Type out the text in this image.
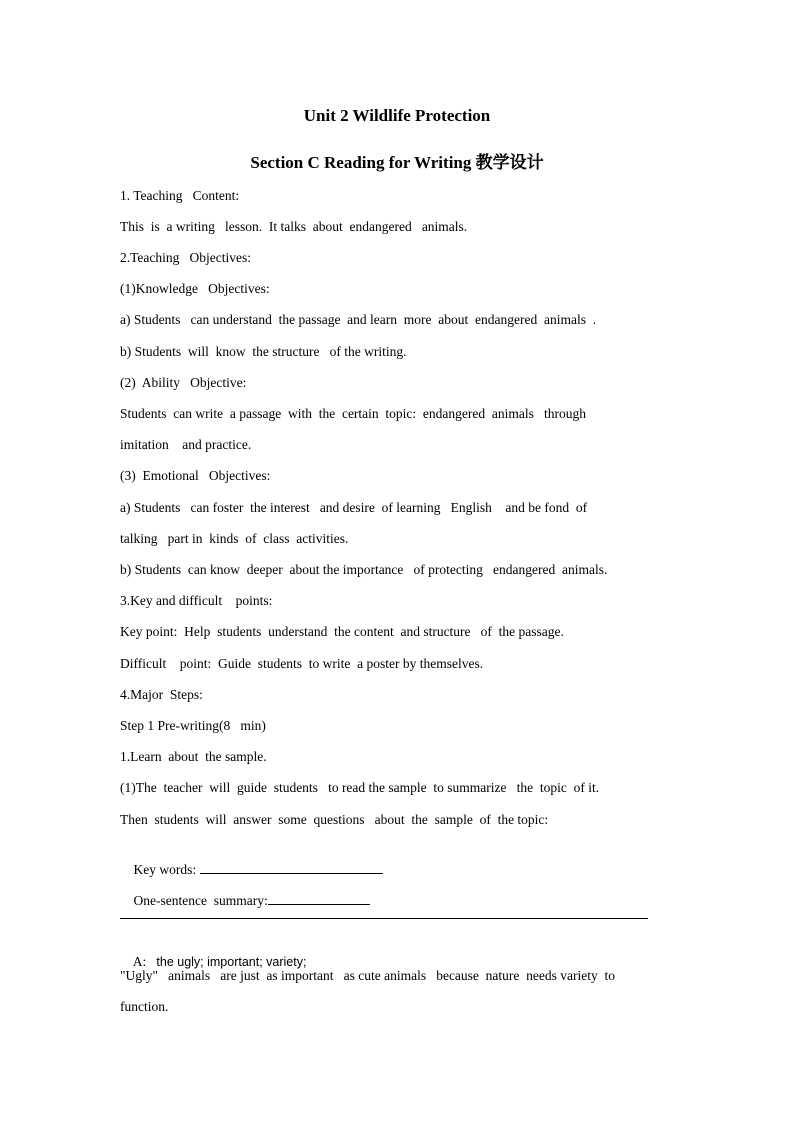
Unit 2 Wildlife Protection
Section C Reading for Writing 教学设计
1. Teaching   Content:
This  is  a writing   lesson.  It talks  about  endangered   animals.
2.Teaching   Objectives:
(1)Knowledge   Objectives:
a) Students   can understand  the passage  and learn  more  about  endangered  animals  .
b) Students  will  know  the structure   of the writing.
(2)  Ability   Objective:
Students  can write  a passage  with  the  certain  topic:  endangered  animals   through
imitation    and practice.
(3)  Emotional   Objectives:
a) Students   can foster  the interest   and desire  of learning   English    and be fond  of
talking   part in  kinds  of  class  activities.
b) Students  can know  deeper  about the importance   of protecting   endangered  animals.
3.Key and difficult    points:
Key point:  Help  students  understand  the content  and structure   of  the passage.
Difficult    point:  Guide  students  to write  a poster by themselves.
4.Major  Steps:
Step 1 Pre-writing(8   min)
1.Learn  about  the sample.
(1)The  teacher  will  guide  students   to read the sample  to summarize   the  topic  of it.
Then  students  will  answer  some  questions   about  the  sample  of  the topic:

Key words:

One-sentence  summary:

A: the ugly; important; variety;

"Ugly"   animals   are just  as important   as cute animals   because  nature  needs variety  to
function.
